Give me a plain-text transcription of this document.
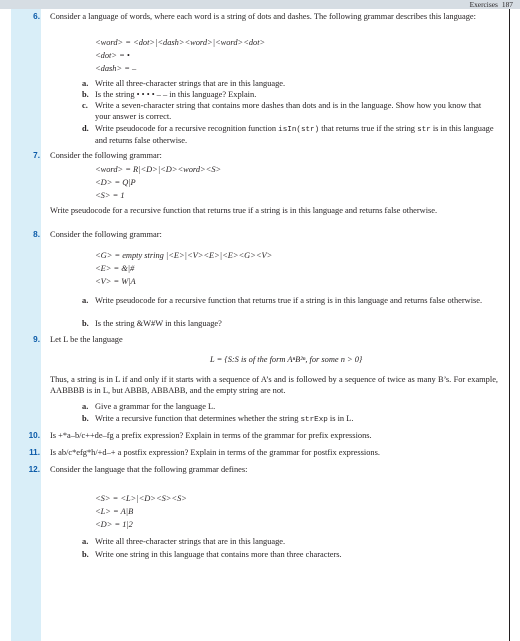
Exercises 187
6. Consider a language of words, where each word is a string of dots and dashes. The following grammar describes this language:
<word> = <dot>|<dash><word>|<word><dot>
<dot> = •
<dash> = –
a. Write all three-character strings that are in this language.
b. Is the string • • • • – – in this language? Explain.
c. Write a seven-character string that contains more dashes than dots and is in the language. Show how you know that your answer is correct.
d. Write pseudocode for a recursive recognition function isIn(str) that returns true if the string str is in this language and returns false otherwise.
7. Consider the following grammar:
<word> = R|<D>|<D><word><S>
<D> = Q|P
<S> = 1
Write pseudocode for a recursive function that returns true if a string is in this language and returns false otherwise.
8. Consider the following grammar:
<G> = empty string |<E>|<V><E>|<E><G><V>
<E> = &|#
<V> = W|A
a. Write pseudocode for a recursive function that returns true if a string is in this language and returns false otherwise.
b. Is the string &W#W in this language?
9. Let L be the language
L = {S:S is of the form AⁿB²ⁿ, for some n > 0}
Thus, a string is in L if and only if it starts with a sequence of A’s and is followed by a sequence of twice as many B’s. For example, AABBBB is in L, but ABBB, ABBABB, and the empty string are not.
a. Give a grammar for the language L.
b. Write a recursive function that determines whether the string strExp is in L.
10. Is +*a–b/c++de–fg a prefix expression? Explain in terms of the grammar for prefix expressions.
11. Is ab/c*efg*h/+d–+ a postfix expression? Explain in terms of the grammar for postfix expressions.
12. Consider the language that the following grammar defines:
<S> = <L>|<D><S><S>
<L> = A|B
<D> = 1|2
a. Write all three-character strings that are in this language.
b. Write one string in this language that contains more than three characters.
